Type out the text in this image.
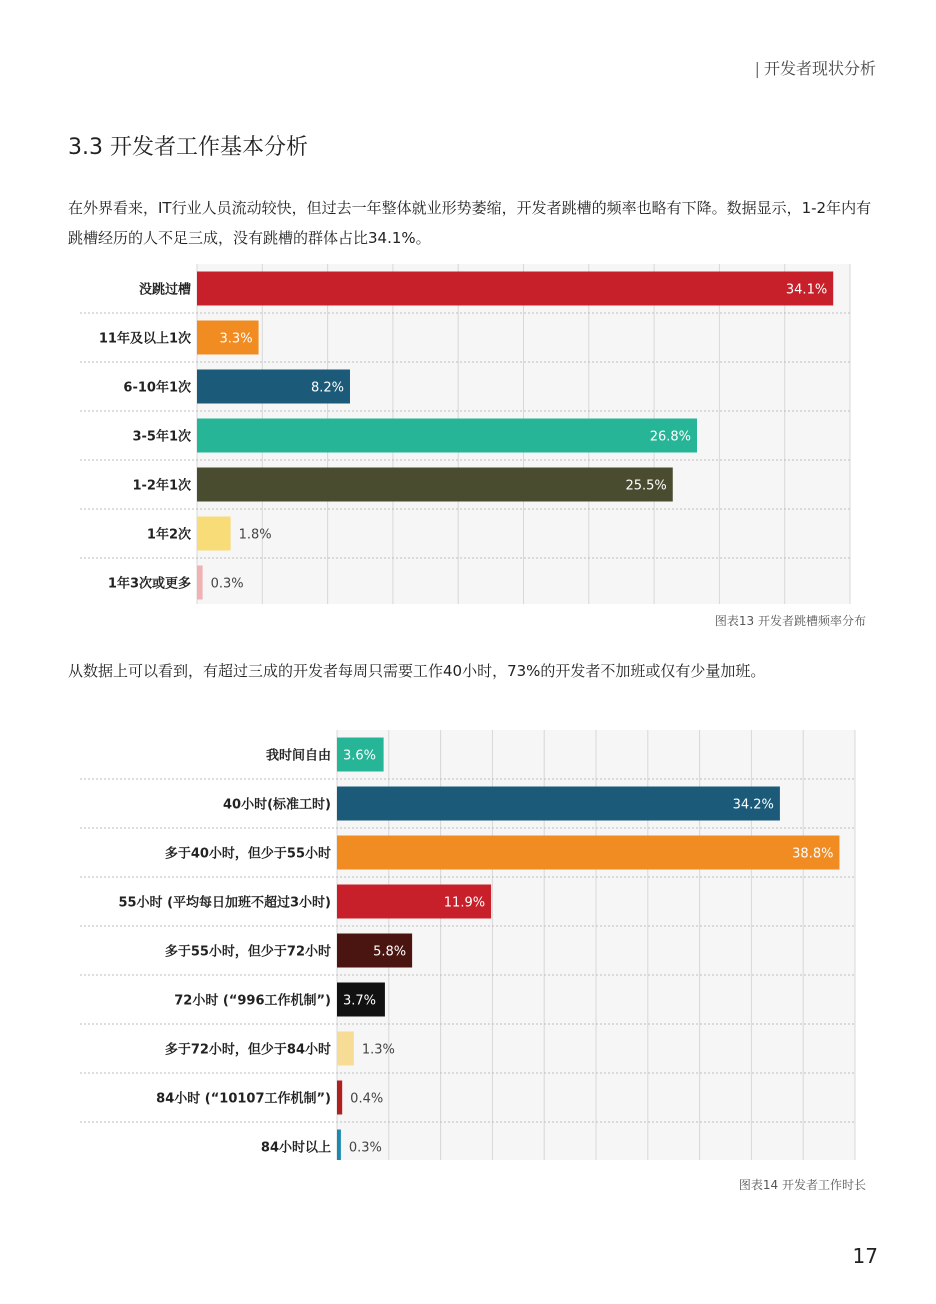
| 开发者现状分析
3.3 开发者工作基本分析

在外界看来，IT行业人员流动较快，但过去一年整体就业形势萎缩，开发者跳槽的频率也略有下降。数据显示，1-2年内有跳槽经历的人不足三成，没有跳槽的群体占比34.1%。

没跳过槽	34.1%
11年及以上1次 3.3%
6-10年1次	8.2%
3-5年1次	26.8%
1-2年1次	25.5%
1年2次	1.8%
1年3次或更多 0.3%
图表13 开发者跳槽频率分布

从数据上可以看到，有超过三成的开发者每周只需要工作40小时，73%的开发者不加班或仅有少量加班。

我时间自由 3.6%
40小时(标准工时)	34.2%
多于40小时，但少于55小时	38.8%
55小时 (平均每日加班不超过3小时)	11.9%
多于55小时，但少于72小时	5.8%
72小时 (“996工作机制”) 3.7%
多于72小时，但少于84小时 1.3%
84小时 (“10107工作机制”) 0.4%
84小时以上 0.3%
图表14 开发者工作时长
17
